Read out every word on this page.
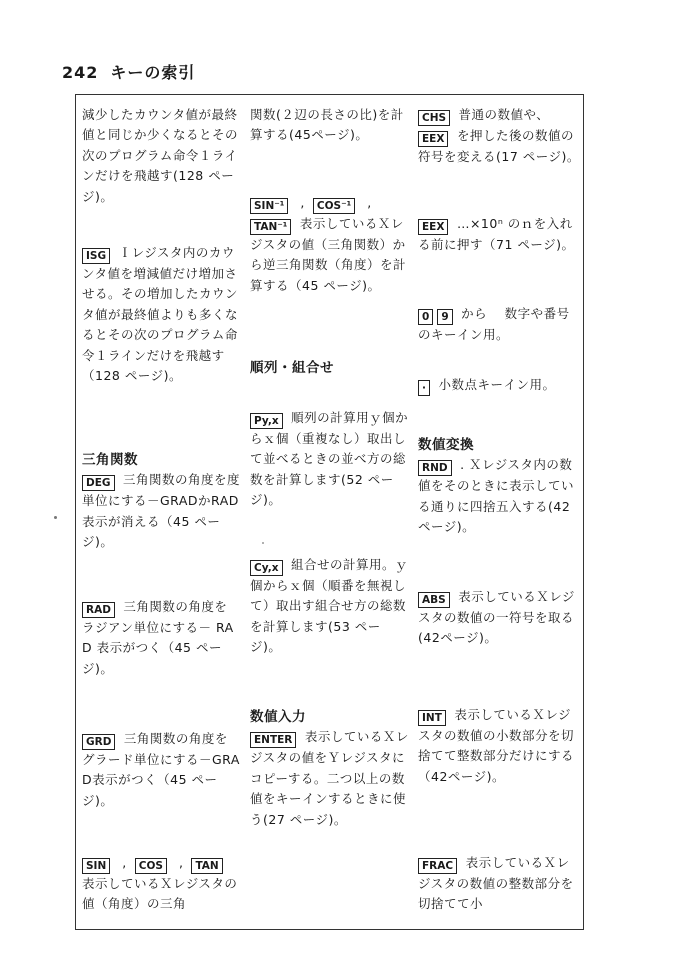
242 キーの索引
減少したカウンタ値が最終値と同じか少くなるとその次のプログラム命令１ラインだけを飛越す(128 ページ)。
ISG Ｉレジスタ内のカウンタ値を増減値だけ増加させる。その増加したカウンタ値が最終値よりも多くなるとその次のプログラム命令１ラインだけを飛越す（128 ページ)。
三角関数
DEG 三角関数の角度を度単位にする－GRADかRAD表示が消える（45 ページ)。
RAD 三角関数の角度をラジアン単位にする－ RAD 表示がつく（45 ページ)。
GRD 三角関数の角度をグラード単位にする－GRAD表示がつく（45 ページ)。
SIN , COS , TAN
表示しているＸレジスタの値（角度）の三角
関数(２辺の長さの比)を計算する(45ページ)。
SIN⁻¹ , COS⁻¹ ,
TAN⁻¹ 表示しているＸレジスタの値（三角関数）から逆三角関数（角度）を計算する（45 ページ)。
順列・組合せ
Py,x 順列の計算用ｙ個からｘ個（重複なし）取出して並べるときの並べ方の総数を計算します(52 ページ)。
Cy,x 組合せの計算用。ｙ個からｘ個（順番を無視して）取出す組合せ方の総数を計算します(53 ページ)。
数値入力
ENTER 表示しているＸレジスタの値をＹレジスタにコピーする。二つ以上の数値をキーインするときに使う(27 ページ)。
CHS 普通の数値や、
EEX を押した後の数値の符号を変える(17 ページ)。
EEX …×10ⁿ のｎを入れる前に押す（71 ページ)。
0 9 から　 数字や番号のキーイン用。
· 小数点キーイン用。
数値変換
RND . Ｘレジスタ内の数値をそのときに表示している通りに四捨五入する(42 ページ)。
ABS 表示しているＸレジスタの数値の一符号を取る(42ページ)。
INT 表示しているＸレジスタの数値の小数部分を切捨てて整数部分だけにする（42ページ)。
FRAC 表示しているＸレジスタの数値の整数部分を切捨てて小
